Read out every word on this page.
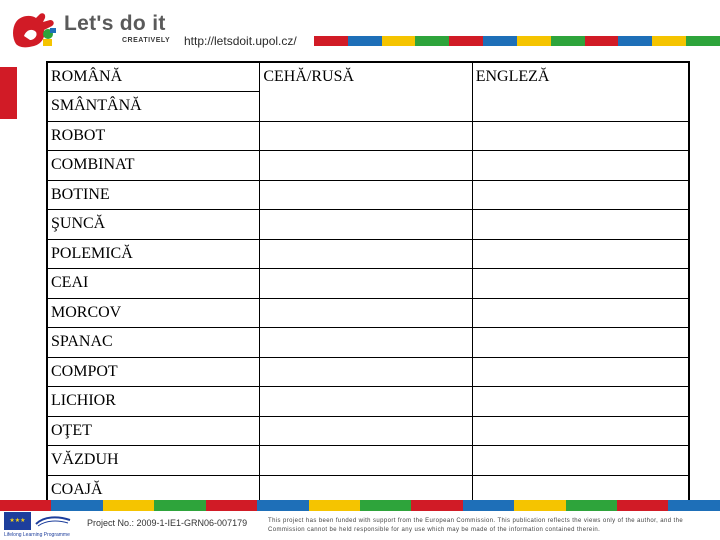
Let's do it
CREATIVELY http://letsdoit.upol.cz/
ROMÂNĂ	CEHĂ/RUSĂ	ENGLEZĂ
SMÂNTÂNĂ		
ROBOT		
COMBINAT		
BOTINE		
ŞUNCĂ		
POLEMICĂ		
CEAI		
MORCOV		
SPANAC		
COMPOT		
LICHIOR		
OŢET		
VĂZDUH		
COAJĂ		
★★★
Lifelong Learning Programme
Project No.: 2009-1-IE1-GRN06-007179	This project has been funded with support from the European Commission. This publication reflects the views only of the author, and the Commission cannot be held responsible for any use which may be made of the information contained therein.
